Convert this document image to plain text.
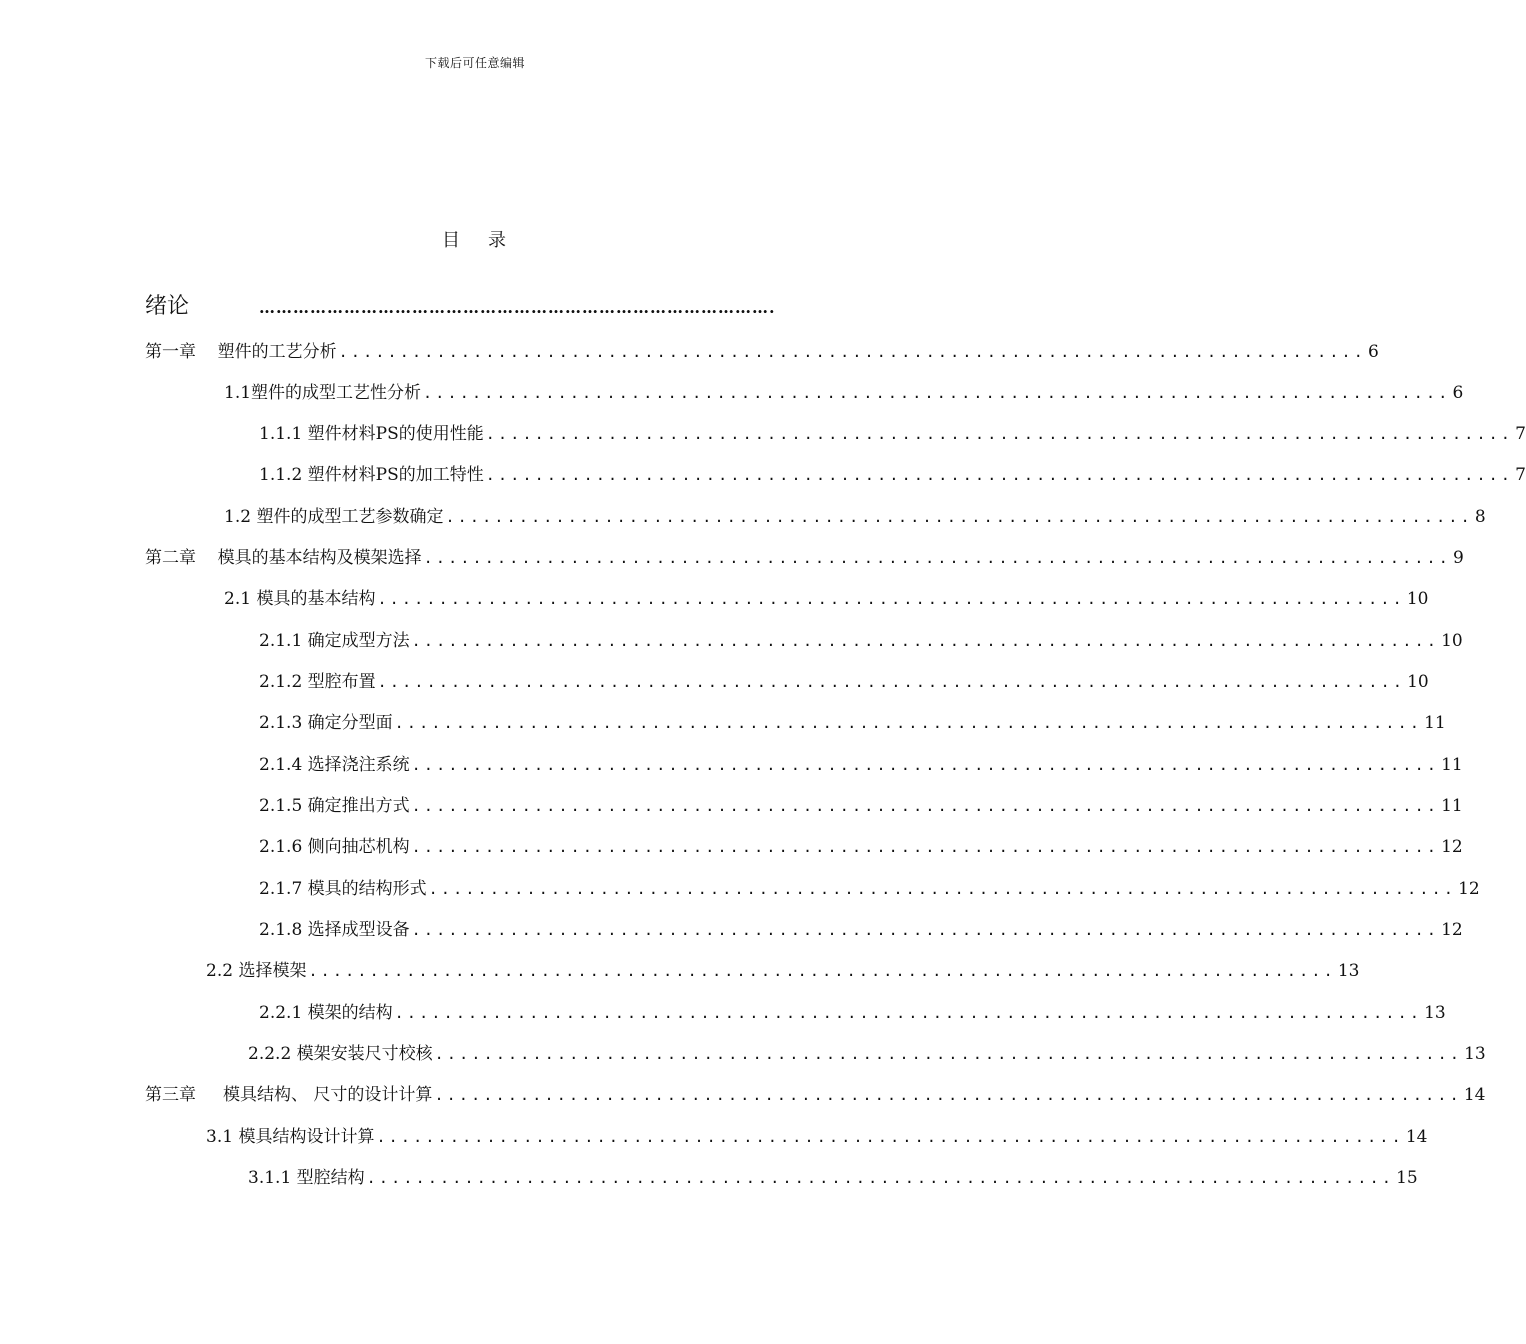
下载后可任意编辑
目 录
绪论	……………………………………………………………………………….
第一章    塑件的工艺分析 .................................................................................... 6
1.1塑件的成型工艺性分析 .................................................................................... 6
1.1.1 塑件材料PS的使用性能 .................................................................................... 7
1.1.2 塑件材料PS的加工特性 .................................................................................... 7
1.2 塑件的成型工艺参数确定 .................................................................................... 8
第二章    模具的基本结构及模架选择 .................................................................................... 9
2.1 模具的基本结构 .................................................................................... 10
2.1.1 确定成型方法 .................................................................................... 10
2.1.2 型腔布置 .................................................................................... 10
2.1.3 确定分型面 .................................................................................... 11
2.1.4 选择浇注系统 .................................................................................... 11
2.1.5 确定推出方式 .................................................................................... 11
2.1.6 侧向抽芯机构 .................................................................................... 12
2.1.7 模具的结构形式 .................................................................................... 12
2.1.8 选择成型设备 .................................................................................... 12
2.2 选择模架 .................................................................................... 13
2.2.1 模架的结构 .................................................................................... 13
2.2.2 模架安装尺寸校核 .................................................................................... 13
第三章     模具结构、 尺寸的设计计算 .................................................................................... 14
3.1 模具结构设计计算 .................................................................................... 14
3.1.1 型腔结构 .................................................................................... 15
